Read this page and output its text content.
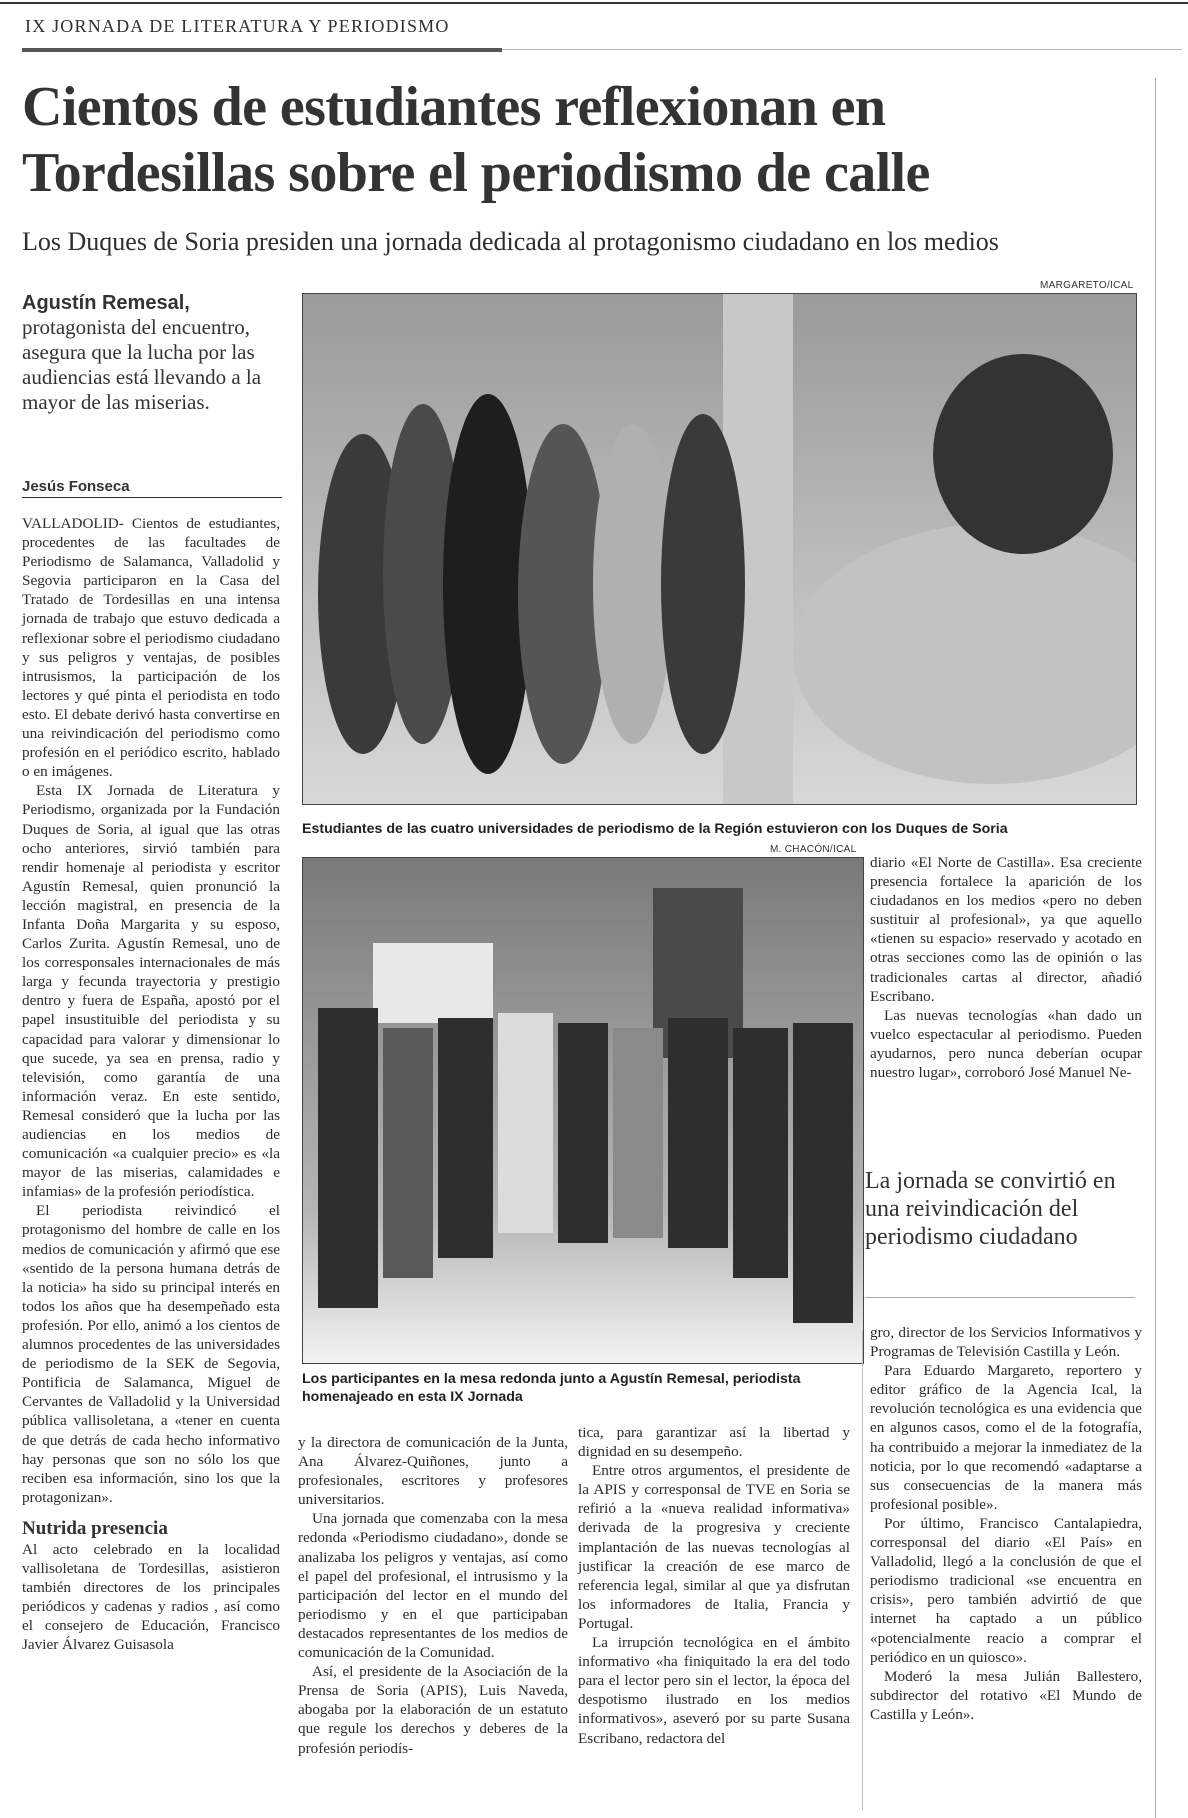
IX JORNADA DE LITERATURA Y PERIODISMO
Cientos de estudiantes reflexionan en
Tordesillas sobre el periodismo de calle
Los Duques de Soria presiden una jornada dedicada al protagonismo ciudadano en los medios
Agustín Remesal,
protagonista del encuentro, asegura que la lucha por las audiencias está llevando a la mayor de las miserias.
Jesús Fonseca

VALLADOLID- Cientos de estudiantes, procedentes de las facultades de Periodismo de Salamanca, Valladolid y Segovia participaron en la Casa del Tratado de Tordesillas en una intensa jornada de trabajo que estuvo dedicada a reflexionar sobre el periodismo ciudadano y sus peligros y ventajas, de posibles intrusismos, la participación de los lectores y qué pinta el periodista en todo esto. El debate derivó hasta convertirse en una reivindicación del periodismo como profesión en el periódico escrito, hablado o en imágenes.

Esta IX Jornada de Literatura y Periodismo, organizada por la Fundación Duques de Soria, al igual que las otras ocho anteriores, sirvió también para rendir homenaje al periodista y escritor Agustín Remesal, quien pronunció la lección magistral, en presencia de la Infanta Doña Margarita y su esposo, Carlos Zurita. Agustín Remesal, uno de los corresponsales internacionales de más larga y fecunda trayectoria y prestigio dentro y fuera de España, apostó por el papel insustituible del periodista y su capacidad para valorar y dimensionar lo que sucede, ya sea en prensa, radio y televisión, como garantía de una información veraz. En este sentido, Remesal consideró que la lucha por las audiencias en los medios de comunicación «a cualquier precio» es «la mayor de las miserias, calamidades e infamias» de la profesión periodística.

El periodista reivindicó el protagonismo del hombre de calle en los medios de comunicación y afirmó que ese «sentido de la persona humana detrás de la noticia» ha sido su principal interés en todos los años que ha desempeñado esta profesión. Por ello, animó a los cientos de alumnos procedentes de las universidades de periodismo de la SEK de Segovia, Pontificia de Salamanca, Miguel de Cervantes de Valladolid y la Universidad pública vallisoletana, a «tener en cuenta de que detrás de cada hecho informativo hay personas que son no sólo los que reciben esa información, sino los que la protagonizan».

Nutrida presencia

Al acto celebrado en la localidad vallisoletana de Tordesillas, asistieron también directores de los principales periódicos y cadenas y radios , así como el consejero de Educación, Francisco Javier Álvarez Guisasola

MARGARETO/ICAL
Estudiantes de las cuatro universidades de periodismo de la Región estuvieron con los Duques de Soria
M. CHACÓN/ICAL
Los participantes en la mesa redonda junto a Agustín Remesal, periodista homenajeado en esta IX Jornada

diario «El Norte de Castilla». Esa creciente presencia fortalece la aparición de los ciudadanos en los medios «pero no deben sustituir al profesional», ya que aquello «tienen su espacio» reservado y acotado en otras secciones como las de opinión o las tradicionales cartas al director, añadió Escribano.

Las nuevas tecnologías «han dado un vuelco espectacular al periodismo. Pueden ayudarnos, pero nunca deberían ocupar nuestro lugar», corroboró José Manuel Ne-

La jornada se convirtió en una reivindicación del periodismo ciudadano

gro, director de los Servicios Informativos y Programas de Televisión Castilla y León.

Para Eduardo Margareto, reportero y editor gráfico de la Agencia Ical, la revolución tecnológica es una evidencia que en algunos casos, como el de la fotografía, ha contribuido a mejorar la inmediatez de la noticia, por lo que recomendó «adaptarse a sus consecuencias de la manera más profesional posible».

Por último, Francisco Cantalapiedra, corresponsal del diario «El País» en Valladolid, llegó a la conclusión de que el periodismo tradicional «se encuentra en crisis», pero también advirtió de que internet ha captado a un público «potencialmente reacio a comprar el periódico en un quiosco».

Moderó la mesa Julián Ballestero, subdirector del rotativo «El Mundo de Castilla y León».

y la directora de comunicación de la Junta, Ana Álvarez-Quiñones, junto a profesionales, escritores y profesores universitarios.

Una jornada que comenzaba con la mesa redonda «Periodismo ciudadano», donde se analizaba los peligros y ventajas, así como el papel del profesional, el intrusismo y la participación del lector en el mundo del periodismo y en el que participaban destacados representantes de los medios de comunicación de la Comunidad.

Así, el presidente de la Asociación de la Prensa de Soria (APIS), Luis Naveda, abogaba por la elaboración de un estatuto que regule los derechos y deberes de la profesión periodís-

tica, para garantizar así la libertad y dignidad en su desempeño.

Entre otros argumentos, el presidente de la APIS y corresponsal de TVE en Soria se refirió a la «nueva realidad informativa» derivada de la progresiva y creciente implantación de las nuevas tecnologías al justificar la creación de ese marco de referencia legal, similar al que ya disfrutan los informadores de Italia, Francia y Portugal.

La irrupción tecnológica en el ámbito informativo «ha finiquitado la era del todo para el lector pero sin el lector, la época del despotismo ilustrado en los medios informativos», aseveró por su parte Susana Escribano, redactora del
